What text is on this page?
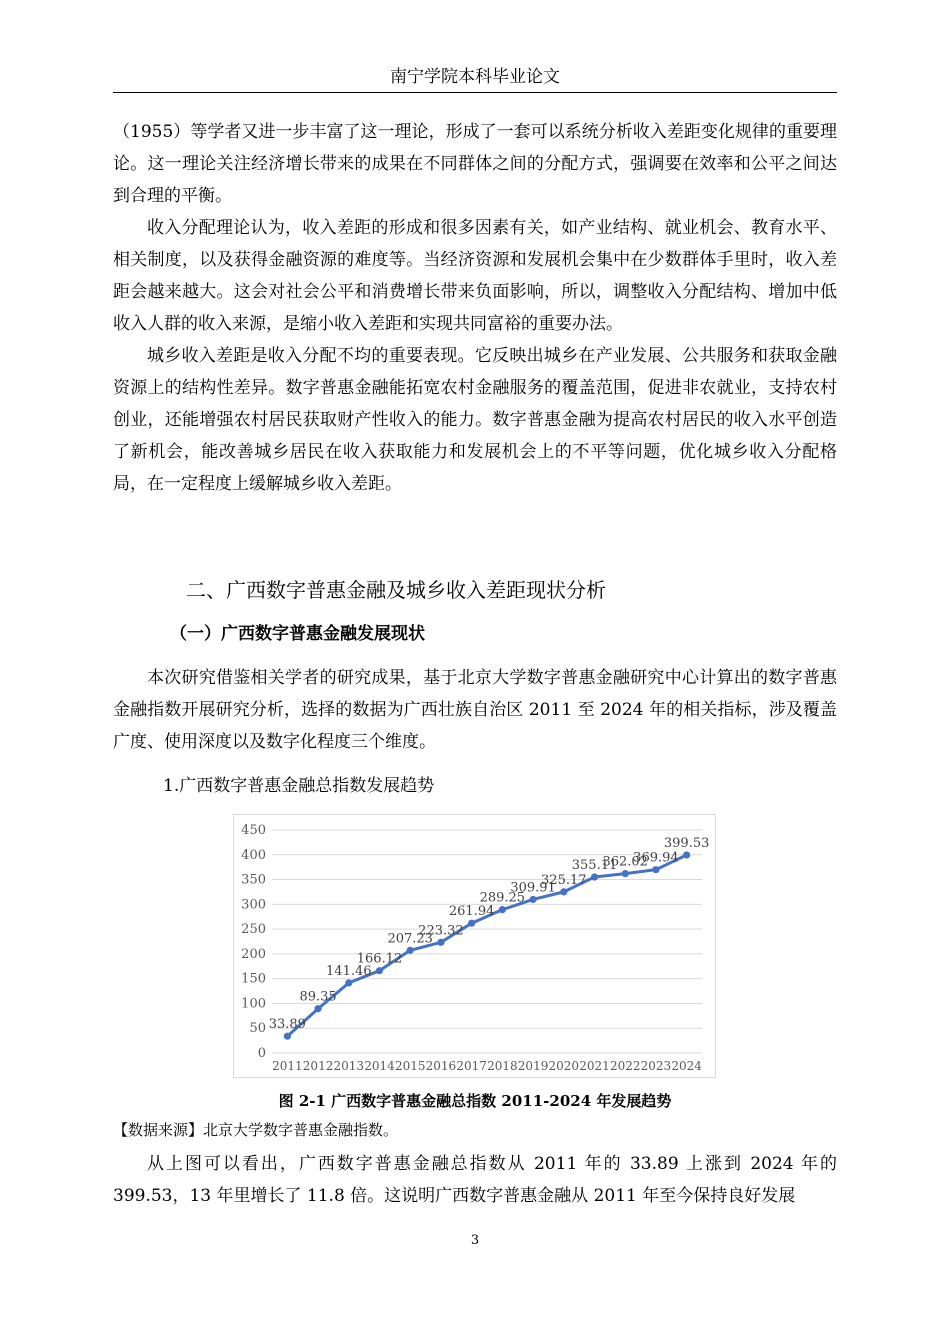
南宁学院本科毕业论文

（1955）等学者又进一步丰富了这一理论，形成了一套可以系统分析收入差距变化规律的重要理论。这一理论关注经济增长带来的成果在不同群体之间的分配方式，强调要在效率和公平之间达到合理的平衡。

收入分配理论认为，收入差距的形成和很多因素有关，如产业结构、就业机会、教育水平、相关制度，以及获得金融资源的难度等。当经济资源和发展机会集中在少数群体手里时，收入差距会越来越大。这会对社会公平和消费增长带来负面影响，所以，调整收入分配结构、增加中低收入人群的收入来源，是缩小收入差距和实现共同富裕的重要办法。

城乡收入差距是收入分配不均的重要表现。它反映出城乡在产业发展、公共服务和获取金融资源上的结构性差异。数字普惠金融能拓宽农村金融服务的覆盖范围，促进非农就业，支持农村创业，还能增强农村居民获取财产性收入的能力。数字普惠金融为提高农村居民的收入水平创造了新机会，能改善城乡居民在收入获取能力和发展机会上的不平等问题，优化城乡收入分配格局，在一定程度上缓解城乡收入差距。

二、广西数字普惠金融及城乡收入差距现状分析
（一）广西数字普惠金融发展现状

本次研究借鉴相关学者的研究成果，基于北京大学数字普惠金融研究中心计算出的数字普惠金融指数开展研究分析，选择的数据为广西壮族自治区 2011 至 2024 年的相关指标，涉及覆盖广度、使用深度以及数字化程度三个维度。

1.广西数字普惠金融总指数发展趋势
0
50
100
150
200
250
300
350
400
450
2011 2012 2013 2014 2015 2016 2017 2018 2019 2020 2021 2022 2023 2024
33.89
89.35
141.46
166.12
207.23
223.32
261.94
289.25
309.91
325.17
355.11
362.02
369.94
399.53
图 2-1 广西数字普惠金融总指数 2011-2024 年发展趋势
【数据来源】北京大学数字普惠金融指数。

从上图可以看出，广西数字普惠金融总指数从 2011 年的 33.89 上涨到 2024 年的 399.53，13 年里增长了 11.8 倍。这说明广西数字普惠金融从 2011 年至今保持良好发展

3
